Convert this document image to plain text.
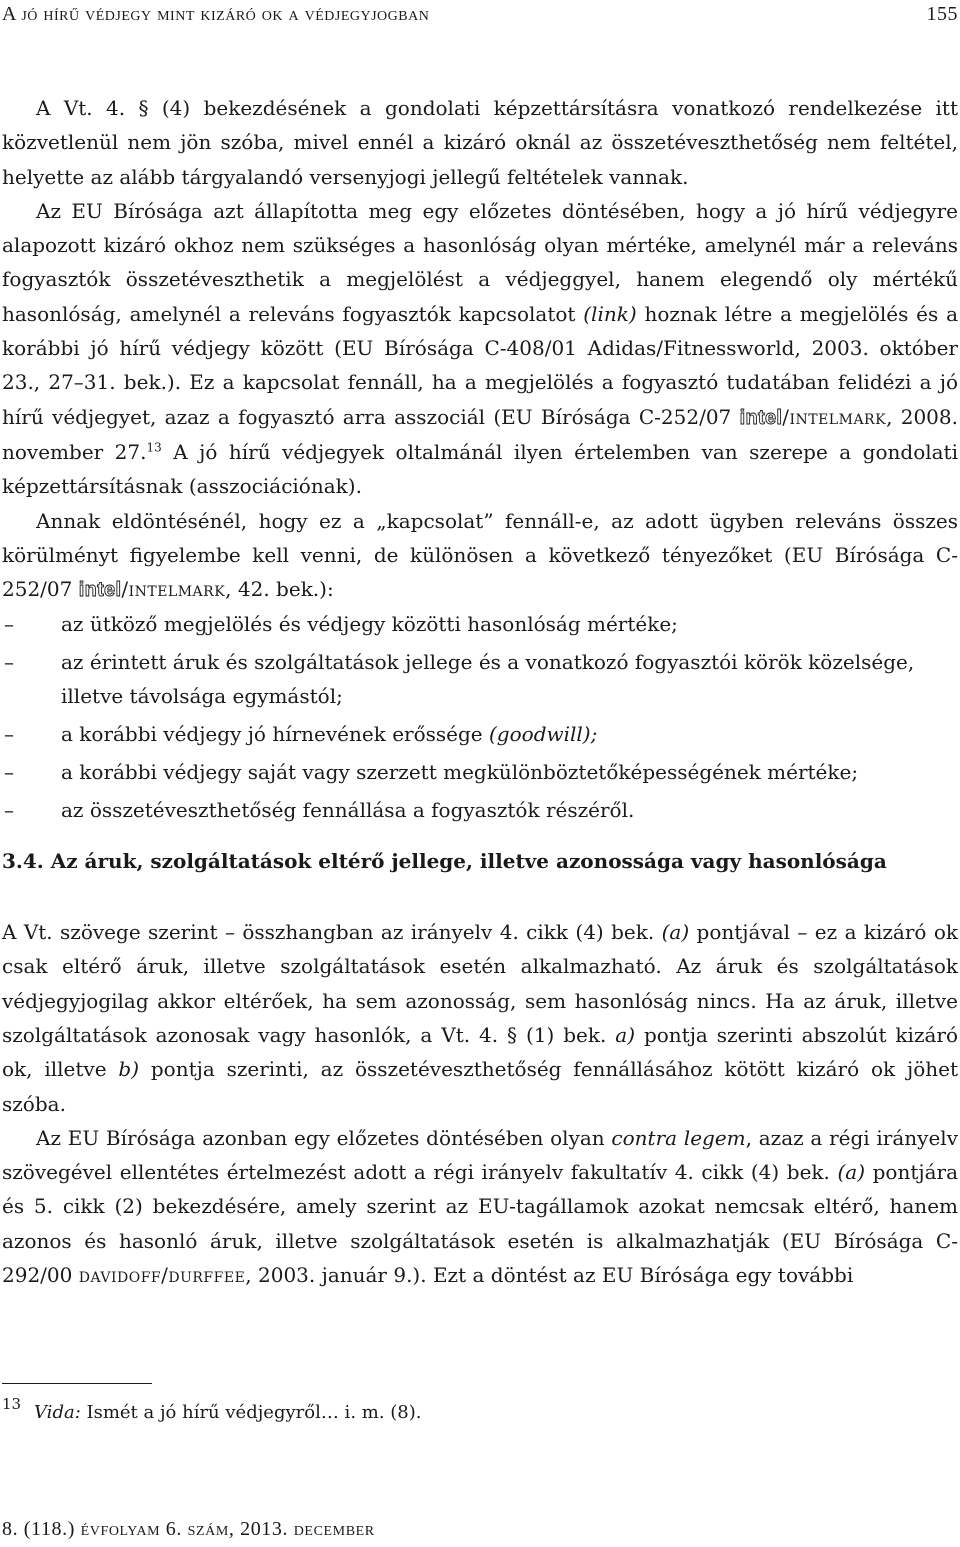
A jó hírű védjegy mint kizáró ok a védjegyjogban	155

A Vt. 4. § (4) bekezdésének a gondolati képzettársításra vonatkozó rendelkezése itt közvetlenül nem jön szóba, mivel ennél a kizáró oknál az összetéveszthetőség nem feltétel, helyette az alább tárgyalandó versenyjogi jellegű feltételek vannak.

Az EU Bírósága azt állapította meg egy előzetes döntésében, hogy a jó hírű védjegyre alapozott kizáró okhoz nem szükséges a hasonlóság olyan mértéke, amelynél már a releváns fogyasztók összetéveszthetik a megjelölést a védjeggyel, hanem elegendő oly mértékű hasonlóság, amelynél a releváns fogyasztók kapcsolatot (link) hoznak létre a megjelölés és a korábbi jó hírű védjegy között (EU Bírósága C-408/01 Adidas/Fitnessworld, 2003. október 23., 27–31. bek.). Ez a kapcsolat fennáll, ha a megjelölés a fogyasztó tudatában felidézi a jó hírű védjegyet, azaz a fogyasztó arra asszociál (EU Bírósága C-252/07 intel/intelmark, 2008. november 27.13 A jó hírű védjegyek oltalmánál ilyen értelemben van szerepe a gondolati képzettársításnak (asszociációnak).

Annak eldöntésénél, hogy ez a „kapcsolat” fennáll-e, az adott ügyben releváns összes körülményt figyelembe kell venni, de különösen a következő tényezőket (EU Bírósága C-252/07 intel/intelmark, 42. bek.):

– az ütköző megjelölés és védjegy közötti hasonlóság mértéke;
– az érintett áruk és szolgáltatások jellege és a vonatkozó fogyasztói körök közelsége, illetve távolsága egymástól;
– a korábbi védjegy jó hírnevének erőssége (goodwill);
– a korábbi védjegy saját vagy szerzett megkülönböztetőképességének mértéke;
– az összetéveszthetőség fennállása a fogyasztók részéről.
3.4. Az áruk, szolgáltatások eltérő jellege, illetve azonossága vagy hasonlósága

A Vt. szövege szerint – összhangban az irányelv 4. cikk (4) bek. (a) pontjával – ez a kizáró ok csak eltérő áruk, illetve szolgáltatások esetén alkalmazható. Az áruk és szolgáltatások védjegyjogilag akkor eltérőek, ha sem azonosság, sem hasonlóság nincs. Ha az áruk, illetve szolgáltatások azonosak vagy hasonlók, a Vt. 4. § (1) bek. a) pontja szerinti abszolút kizáró ok, illetve b) pontja szerinti, az összetéveszthetőség fennállásához kötött kizáró ok jöhet szóba.

Az EU Bírósága azonban egy előzetes döntésében olyan contra legem, azaz a régi irányelv szövegével ellentétes értelmezést adott a régi irányelv fakultatív 4. cikk (4) bek. (a) pontjára és 5. cikk (2) bekezdésére, amely szerint az EU-tagállamok azokat nemcsak eltérő, hanem azonos és hasonló áruk, illetve szolgáltatások esetén is alkalmazhatják (EU Bírósága C-292/00 davidoff/durffee, 2003. január 9.). Ezt a döntést az EU Bírósága egy további

13 Vida: Ismét a jó hírű védjegyről… i. m. (8).
8. (118.) évfolyam 6. szám, 2013. december
